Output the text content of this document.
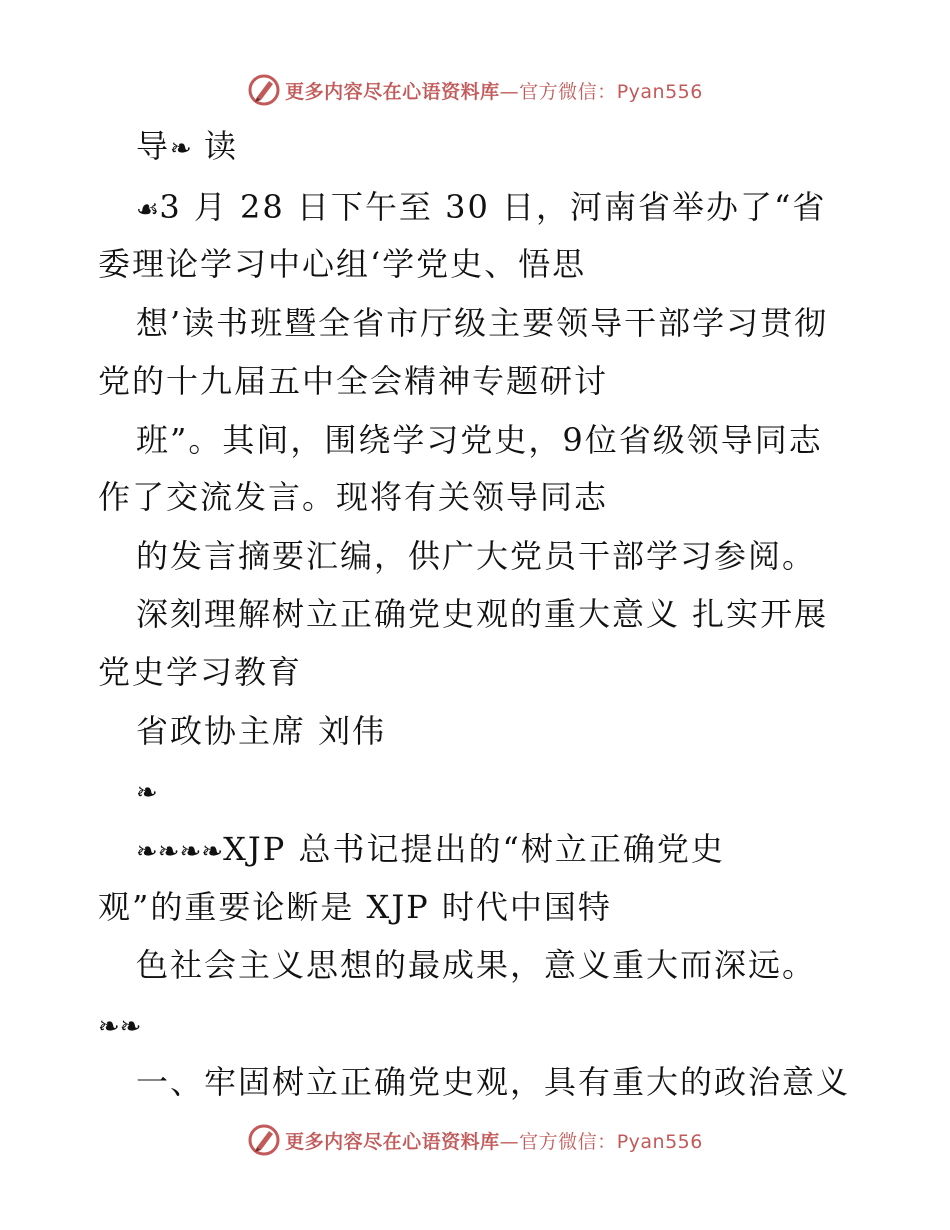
更多内容尽在心语资料库—官方微信：Pyan556
导❧ 读
☙3 月 28 日下午至 30 日，河南省举办了“省
委理论学习中心组‘学党史、悟思
想’读书班暨全省市厅级主要领导干部学习贯彻
党的十九届五中全会精神专题研讨
班”。其间，围绕学习党史，9位省级领导同志
作了交流发言。现将有关领导同志
的发言摘要汇编，供广大党员干部学习参阅。
深刻理解树立正确党史观的重大意义 扎实开展
党史学习教育
省政协主席 刘伟
❧
❧❧❧❧XJP 总书记提出的“树立正确党史
观”的重要论断是 XJP 时代中国特
色社会主义思想的最成果，意义重大而深远。
❧❧
一、牢固树立正确党史观，具有重大的政治意义
更多内容尽在心语资料库—官方微信：Pyan556
